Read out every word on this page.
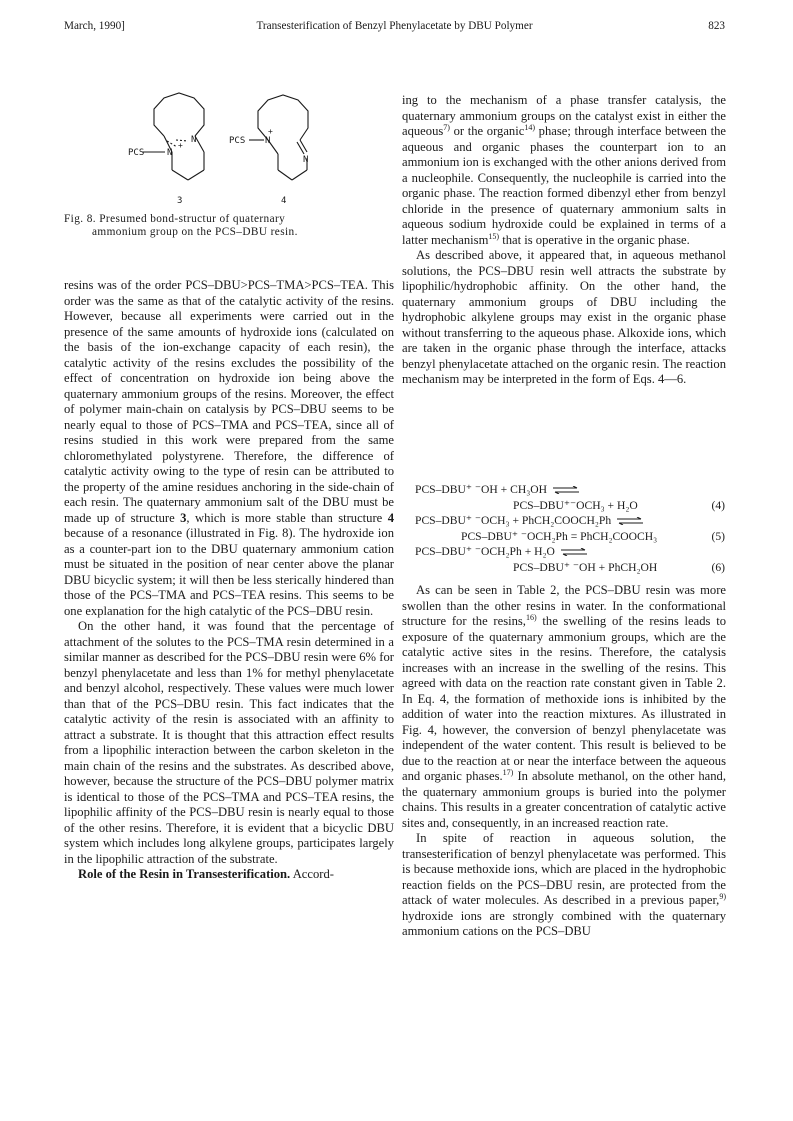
March, 1990]	Transesterification of Benzyl Phenylacetate by DBU Polymer	823
PCS	N
N
+
3
PCS N
N
+
4
Fig. 8. Presumed bond-structur of quaternary
ammonium group on the PCS–DBU resin.

resins was of the order PCS–DBU>PCS–TMA>PCS–TEA. This order was the same as that of the catalytic activity of the resins. However, because all experiments were carried out in the presence of the same amounts of hydroxide ions (calculated on the basis of the ion-exchange capacity of each resin), the catalytic activity of the resins excludes the possibility of the effect of concentration on hydroxide ion being above the quaternary ammonium groups of the resins. Moreover, the effect of polymer main-chain on catalysis by PCS–DBU seems to be nearly equal to those of PCS–TMA and PCS–TEA, since all of resins studied in this work were prepared from the same chloromethylated polystyrene. Therefore, the difference of catalytic activity owing to the type of resin can be attributed to the property of the amine residues anchoring in the side-chain of each resin. The quaternary ammonium salt of the DBU must be made up of structure 3, which is more stable than structure 4 because of a resonance (illustrated in Fig. 8). The hydroxide ion as a counter-part ion to the DBU quaternary ammonium cation must be situated in the position of near center above the planar DBU bicyclic system; it will then be less sterically hindered than those of the PCS–TMA and PCS–TEA resins. This seems to be one explanation for the high catalytic of the PCS–DBU resin.

On the other hand, it was found that the percentage of attachment of the solutes to the PCS–TMA resin determined in a similar manner as described for the PCS–DBU resin were 6% for benzyl phenylacetate and less than 1% for methyl phenylacetate and benzyl alcohol, respectively. These values were much lower than that of the PCS–DBU resin. This fact indicates that the catalytic activity of the resin is associated with an affinity to attract a substrate. It is thought that this attraction effect results from a lipophilic interaction between the carbon skeleton in the main chain of the resins and the substrates. As described above, however, because the structure of the PCS–DBU polymer matrix is identical to those of the PCS–TMA and PCS–TEA resins, the lipophilic affinity of the PCS–DBU resin is nearly equal to those of the other resins. Therefore, it is evident that a bicyclic DBU system which includes long alkylene groups, participates largely in the lipophilic attraction of the substrate.

Role of the Resin in Transesterification. Accord-

ing to the mechanism of a phase transfer catalysis, the quaternary ammonium groups on the catalyst exist in either the aqueous$^{7)}$ or the organic$^{14)}$ phase; through interface between the aqueous and organic phases the counterpart ion to an ammonium ion is exchanged with the other anions derived from a nucleophile. Consequently, the nucleophile is carried into the organic phase. The reaction formed dibenzyl ether from benzyl chloride in the presence of quaternary ammonium salts in aqueous sodium hydroxide could be explained in terms of a latter mechanism$^{15)}$ that is operative in the organic phase.

As described above, it appeared that, in aqueous methanol solutions, the PCS–DBU resin well attracts the substrate by lipophilic/hydrophobic affinity. On the other hand, the quaternary ammonium groups of DBU including the hydrophobic alkylene groups may exist in the organic phase without transferring to the aqueous phase. Alkoxide ions, which are taken in the organic phase through the interface, attacks benzyl phenylacetate attached on the organic resin. The reaction mechanism may be interpreted in the form of Eqs. 4—6.

PCS–DBU⁺ ⁻OH + CH₃OH ⇌
PCS–DBU⁺⁻OCH₃ + H₂O	(4)
PCS–DBU⁺ ⁻OCH₃ + PhCH₂COOCH₂Ph ⇌
PCS–DBU⁺ ⁻OCH₂Ph = PhCH₂COOCH₃	(5)
PCS–DBU⁺ ⁻OCH₂Ph + H₂O ⇌
PCS–DBU⁺ ⁻OH + PhCH₂OH	(6)

As can be seen in Table 2, the PCS–DBU resin was more swollen than the other resins in water. In the conformational structure for the resins,$^{16)}$ the swelling of the resins leads to exposure of the quaternary ammonium groups, which are the catalytic active sites in the resins. Therefore, the catalysis increases with an increase in the swelling of the resins. This agreed with data on the reaction rate constant given in Table 2. In Eq. 4, the formation of methoxide ions is inhibited by the addition of water into the reaction mixtures. As illustrated in Fig. 4, however, the conversion of benzyl phenylacetate was independent of the water content. This result is believed to be due to the reaction at or near the interface between the aqueous and organic phases.$^{17)}$ In absolute methanol, on the other hand, the quaternary ammonium groups is buried into the polymer chains. This results in a greater concentration of catalytic active sites and, consequently, in an increased reaction rate.

In spite of reaction in aqueous solution, the transesterification of benzyl phenylacetate was performed. This is because methoxide ions, which are placed in the hydrophobic reaction fields on the PCS–DBU resin, are protected from the attack of water molecules. As described in a previous paper,$^{9)}$ hydroxide ions are strongly combined with the quaternary ammonium cations on the PCS–DBU
